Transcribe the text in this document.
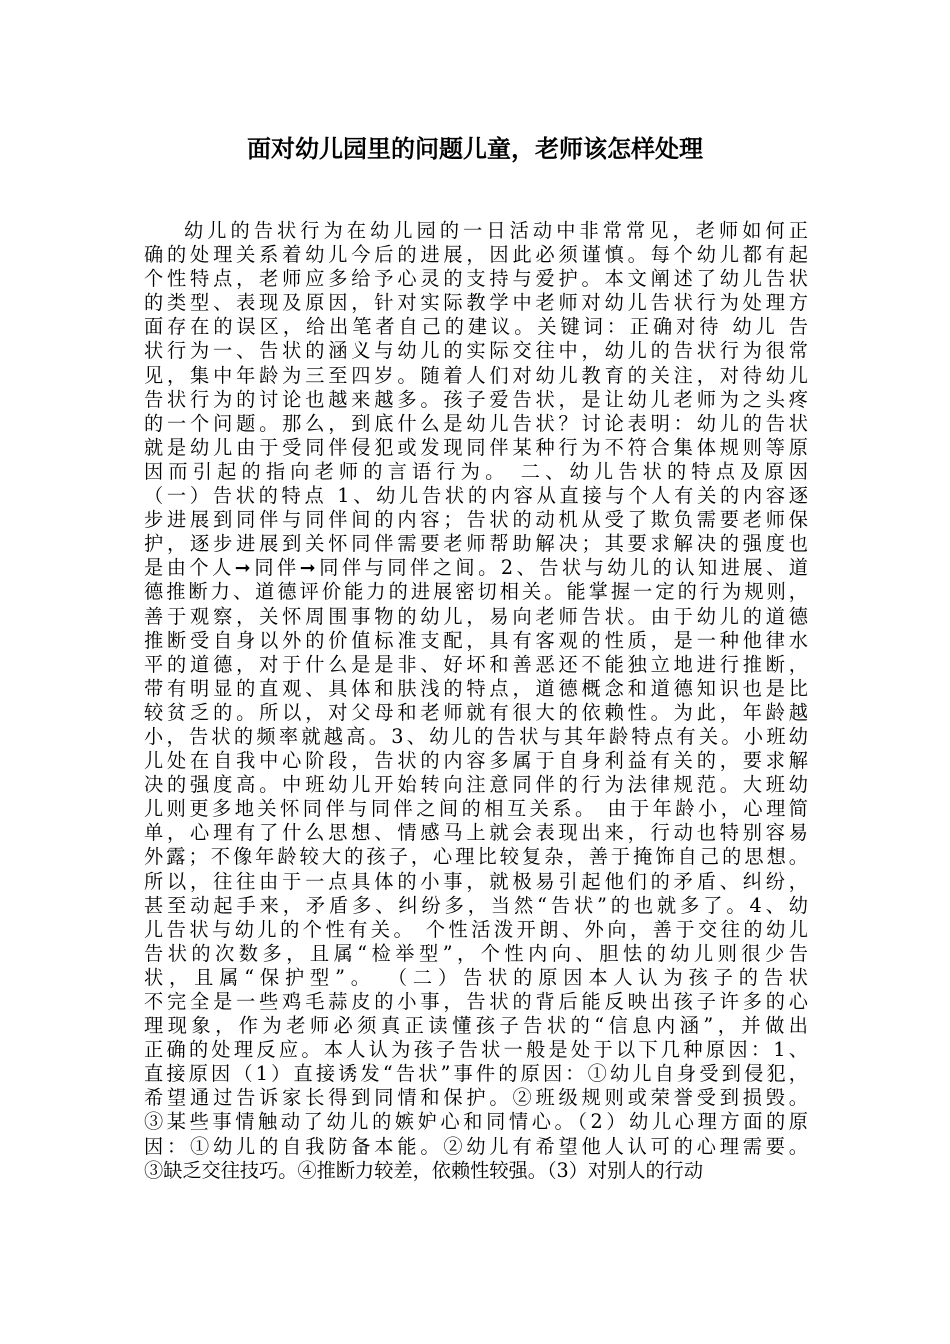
面对幼儿园里的问题儿童，老师该怎样处理
幼儿的告状行为在幼儿园的一日活动中非常常见，老师如何正
确的处理关系着幼儿今后的进展，因此必须谨慎。每个幼儿都有起
个性特点，老师应多给予心灵的支持与爱护。本文阐述了幼儿告状
的类型、表现及原因，针对实际教学中老师对幼儿告状行为处理方
面存在的误区，给出笔者自己的建议。关键词：正确对待 幼儿 告
状行为一、告状的涵义与幼儿的实际交往中，幼儿的告状行为很常
见，集中年龄为三至四岁。随着人们对幼儿教育的关注，对待幼儿
告状行为的讨论也越来越多。孩子爱告状，是让幼儿老师为之头疼
的一个问题。那么，到底什么是幼儿告状？讨论表明：幼儿的告状
就是幼儿由于受同伴侵犯或发现同伴某种行为不符合集体规则等原
因而引起的指向老师的言语行为。 二、幼儿告状的特点及原因
（一）告状的特点 1、幼儿告状的内容从直接与个人有关的内容逐
步进展到同伴与同伴间的内容；告状的动机从受了欺负需要老师保
护，逐步进展到关怀同伴需要老师帮助解决；其要求解决的强度也
是由个人➞同伴➞同伴与同伴之间。2、告状与幼儿的认知进展、道
德推断力、道德评价能力的进展密切相关。能掌握一定的行为规则，
善于观察，关怀周围事物的幼儿，易向老师告状。由于幼儿的道德
推断受自身以外的价值标准支配，具有客观的性质，是一种他律水
平的道德，对于什么是是非、好坏和善恶还不能独立地进行推断，
带有明显的直观、具体和肤浅的特点，道德概念和道德知识也是比
较贫乏的。所以，对父母和老师就有很大的依赖性。为此，年龄越
小，告状的频率就越高。3、幼儿的告状与其年龄特点有关。小班幼
儿处在自我中心阶段，告状的内容多属于自身利益有关的，要求解
决的强度高。中班幼儿开始转向注意同伴的行为法律规范。大班幼
儿则更多地关怀同伴与同伴之间的相互关系。 由于年龄小，心理简
单，心理有了什么思想、情感马上就会表现出来，行动也特别容易
外露；不像年龄较大的孩子，心理比较复杂，善于掩饰自己的思想。
所以，往往由于一点具体的小事，就极易引起他们的矛盾、纠纷，
甚至动起手来，矛盾多、纠纷多，当然“告状”的也就多了。4、幼
儿告状与幼儿的个性有关。 个性活泼开朗、外向，善于交往的幼儿
告状的次数多，且属“检举型”，个性内向、胆怯的幼儿则很少告
状，且属“保护型”。 （二）告状的原因本人认为孩子的告状
不完全是一些鸡毛蒜皮的小事，告状的背后能反映出孩子许多的心
理现象，作为老师必须真正读懂孩子告状的“信息内涵”，并做出
正确的处理反应。本人认为孩子告状一般是处于以下几种原因：1、
直接原因（1）直接诱发“告状”事件的原因：①幼儿自身受到侵犯，
希望通过告诉家长得到同情和保护。②班级规则或荣誉受到损毁。
③某些事情触动了幼儿的嫉妒心和同情心。（2）幼儿心理方面的原
因：①幼儿的自我防备本能。②幼儿有希望他人认可的心理需要。
③缺乏交往技巧。④推断力较差，依赖性较强。（3）对别人的行动
